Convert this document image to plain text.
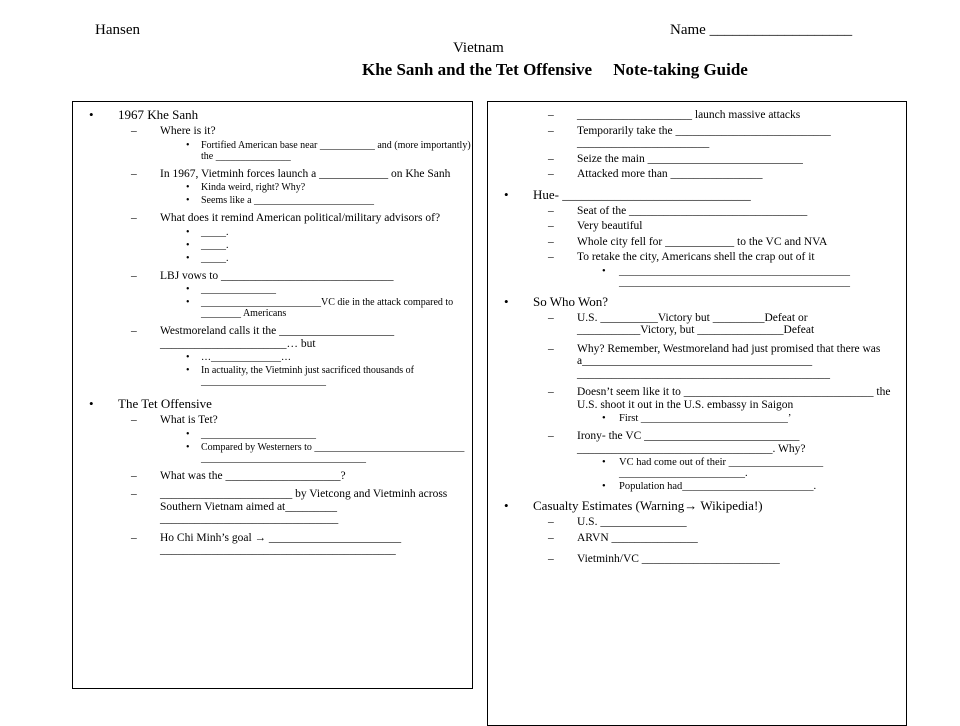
Hansen	Name ___________________
Vietnam
Khe Sanh and the Tet Offensive     Note-taking Guide
• 1967 Khe Sanh
– Where is it?
• Fortified American base near ___________ and (more importantly) the _______________
– In 1967, Vietminh forces launch a ____________ on Khe Sanh
• Kinda weird, right? Why?
• Seems like a ________________________
– What does it remind American political/military advisors of?
• _____.
• _____.
• _____.
– LBJ vows to ______________________________
• _______________
• ________________________VC die in the attack compared to ________ Americans
– Westmoreland calls it the ____________________ ______________________… but
• …______________…
• In actuality, the Vietminh just sacrificed thousands of _________________________
• The Tet Offensive
– What is Tet?
• _______________________
• Compared by Westerners to ______________________________ _________________________________
– What was the ____________________?
– _______________________ by Vietcong and Vietminh across Southern Vietnam aimed at_________ _______________________________
– Ho Chi Minh’s goal → _______________________ _________________________________________
– ____________________ launch massive attacks
– Temporarily take the ___________________________ _______________________
– Seize the main ___________________________
– Attacked more than ________________
• Hue- _____________________________
– Seat of the _______________________________
– Very beautiful
– Whole city fell for ____________ to the VC and NVA
– To retake the city, Americans shell the crap out of it
• ____________________________________________ ____________________________________________
• So Who Won?
– U.S. __________Victory but _________Defeat or ___________Victory, but _______________Defeat
– Why? Remember, Westmoreland had just promised that there was a________________________________________ ____________________________________________
– Doesn’t seem like it to _________________________________ the U.S. shoot it out in the U.S. embassy in Saigon
• First ____________________________’
– Irony- the VC ___________________________ __________________________________. Why?
• VC had come out of their __________________ ________________________.
• Population had_________________________.
• Casualty Estimates (Warning→ Wikipedia!)
– U.S. _______________
– ARVN _______________
– Vietminh/VC ________________________
